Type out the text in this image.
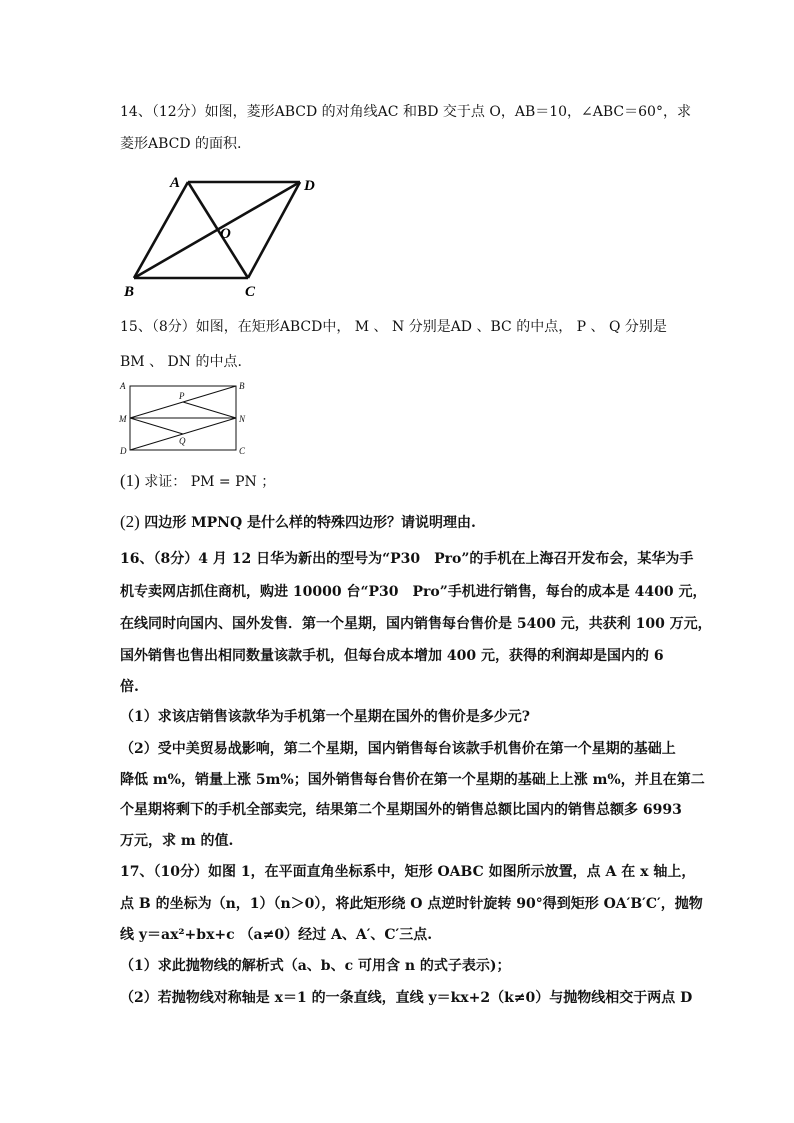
14、（12分）如图，菱形ABCD 的对角线AC 和BD 交于点 O，AB＝10，∠ABC＝60°，求
菱形ABCD 的面积.
A	D
O
B	C
15、（8分）如图，在矩形ABCD中， M 、 N 分别是AD 、BC 的中点， P 、 Q 分别是
BM 、 DN 的中点.
A	B
M	N
P
Q
D	C
(1) 求证： PM = PN ；
(2) 四边形 MPNQ 是什么样的特殊四边形？请说明理由.
16、（8分）4 月 12 日华为新出的型号为“P30　Pro”的手机在上海召开发布会，某华为手
机专卖网店抓住商机，购进 10000 台“P30　Pro”手机进行销售，每台的成本是 4400 元，
在线同时向国内、国外发售．第一个星期，国内销售每台售价是 5400 元，共获利 100 万元，
国外销售也售出相同数量该款手机，但每台成本增加 400 元，获得的利润却是国内的 6
倍.
（1）求该店销售该款华为手机第一个星期在国外的售价是多少元?
（2）受中美贸易战影响，第二个星期，国内销售每台该款手机售价在第一个星期的基础上
降低 m%，销量上涨 5m%；国外销售每台售价在第一个星期的基础上上涨 m%，并且在第二
个星期将剩下的手机全部卖完，结果第二个星期国外的销售总额比国内的销售总额多 6993
万元，求 m 的值.
17、（10分）如图 1，在平面直角坐标系中，矩形 OABC 如图所示放置，点 A 在 x 轴上，
点 B 的坐标为（n，1）（n＞0），将此矩形绕 O 点逆时针旋转 90°得到矩形 OA′B′C′，抛物
线 y＝ax²+bx+c （a≠0）经过 A、A′、C′三点.
（1）求此抛物线的解析式（a、b、c 可用含 n 的式子表示)；
（2）若抛物线对称轴是 x＝1 的一条直线，直线 y＝kx+2（k≠0）与抛物线相交于两点 D
